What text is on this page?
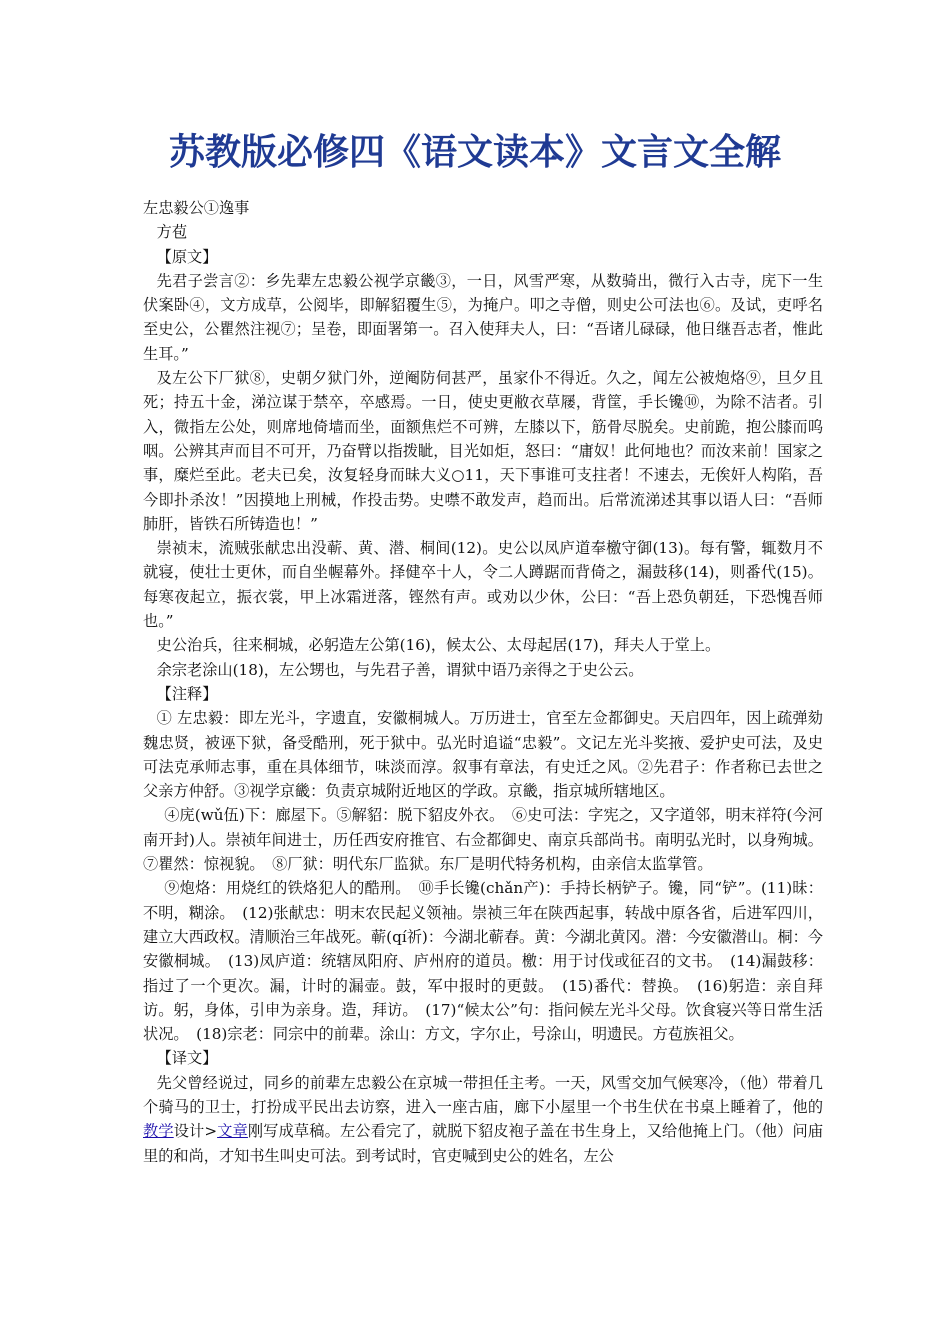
苏教版必修四《语文读本》文言文全解

左忠毅公①逸事

方苞

【原文】

先君子尝言②：乡先辈左忠毅公视学京畿③，一日，风雪严寒，从数骑出，微行入古寺，庑下一生伏案卧④，文方成草，公阅毕，即解貂覆生⑤，为掩户。叩之寺僧，则史公可法也⑥。及试，吏呼名至史公，公瞿然注视⑦；呈卷，即面署第一。召入使拜夫人，曰：“吾诸儿碌碌，他日继吾志者，惟此生耳。”

及左公下厂狱⑧，史朝夕狱门外，逆阉防伺甚严，虽家仆不得近。久之，闻左公被炮烙⑨，旦夕且死；持五十金，涕泣谋于禁卒，卒感焉。一日，使史更敝衣草屦，背筐，手长镵⑩，为除不洁者。引入，微指左公处，则席地倚墙而坐，面额焦烂不可辨，左膝以下，筋骨尽脱矣。史前跪，抱公膝而呜咽。公辨其声而目不可开，乃奋臂以指拨眦，目光如炬，怒曰：“庸奴！此何地也？而汝来前！国家之事，糜烂至此。老夫已矣，汝复轻身而昧大义○11，天下事谁可支拄者！不速去，无俟奸人构陷，吾今即扑杀汝！”因摸地上刑械，作投击势。史噤不敢发声，趋而出。后常流涕述其事以语人曰：“吾师肺肝，皆铁石所铸造也！”

崇祯末，流贼张献忠出没蕲、黄、潜、桐间(12)。史公以凤庐道奉檄守御(13)。每有警，辄数月不就寝，使壮士更休，而自坐幄幕外。择健卒十人，令二人蹲踞而背倚之，漏鼓移(14)，则番代(15)。每寒夜起立，振衣裳，甲上冰霜迸落，铿然有声。或劝以少休，公曰：“吾上恐负朝廷，下恐愧吾师也。”

史公治兵，往来桐城，必躬造左公第(16)，候太公、太母起居(17)，拜夫人于堂上。

余宗老涂山(18)，左公甥也，与先君子善，谓狱中语乃亲得之于史公云。

【注释】

① 左忠毅：即左光斗，字遗直，安徽桐城人。万历进士，官至左佥都御史。天启四年，因上疏弹劾魏忠贤，被诬下狱，备受酷刑，死于狱中。弘光时追谥“忠毅”。文记左光斗奖掖、爱护史可法，及史可法克承师志事，重在具体细节，味淡而淳。叙事有章法，有史迁之风。②先君子：作者称已去世之父亲方仲舒。③视学京畿：负责京城附近地区的学政。京畿，指京城所辖地区。

④庑(wǔ伍)下：廊屋下。⑤解貂：脱下貂皮外衣。　⑥史可法：字宪之，又字道邻，明末祥符(今河南开封)人。崇祯年间进士，历任西安府推官、右佥都御史、南京兵部尚书。南明弘光时，以身殉城。⑦瞿然：惊视貌。　⑧厂狱：明代东厂监狱。东厂是明代特务机构，由亲信太监掌管。

⑨炮烙：用烧红的铁烙犯人的酷刑。　⑩手长镵(chǎn产)：手持长柄铲子。镵，同“铲”。(11)昧：不明，糊涂。　(12)张献忠：明末农民起义领袖。崇祯三年在陕西起事，转战中原各省，后进军四川，建立大西政权。清顺治三年战死。蕲(qí祈)：今湖北蕲春。黄：今湖北黄冈。潜：今安徽潜山。桐：今安徽桐城。　(13)凤庐道：统辖凤阳府、庐州府的道员。檄：用于讨伐或征召的文书。　(14)漏鼓移：指过了一个更次。漏，计时的漏壶。鼓，军中报时的更鼓。　(15)番代：替换。　(16)躬造：亲自拜访。躬，身体，引申为亲身。造，拜访。　(17)“候太公”句：指问候左光斗父母。饮食寝兴等日常生活状况。　(18)宗老：同宗中的前辈。涂山：方文，字尔止，号涂山，明遗民。方苞族祖父。

【译文】

先父曾经说过，同乡的前辈左忠毅公在京城一带担任主考。一天，风雪交加气候寒冷，（他）带着几个骑马的卫士，打扮成平民出去访察，进入一座古庙，廊下小屋里一个书生伏在书桌上睡着了，他的教学设计>文章刚写成草稿。左公看完了，就脱下貂皮袍子盖在书生身上，又给他掩上门。（他）问庙里的和尚，才知书生叫史可法。到考试时，官吏喊到史公的姓名，左公
